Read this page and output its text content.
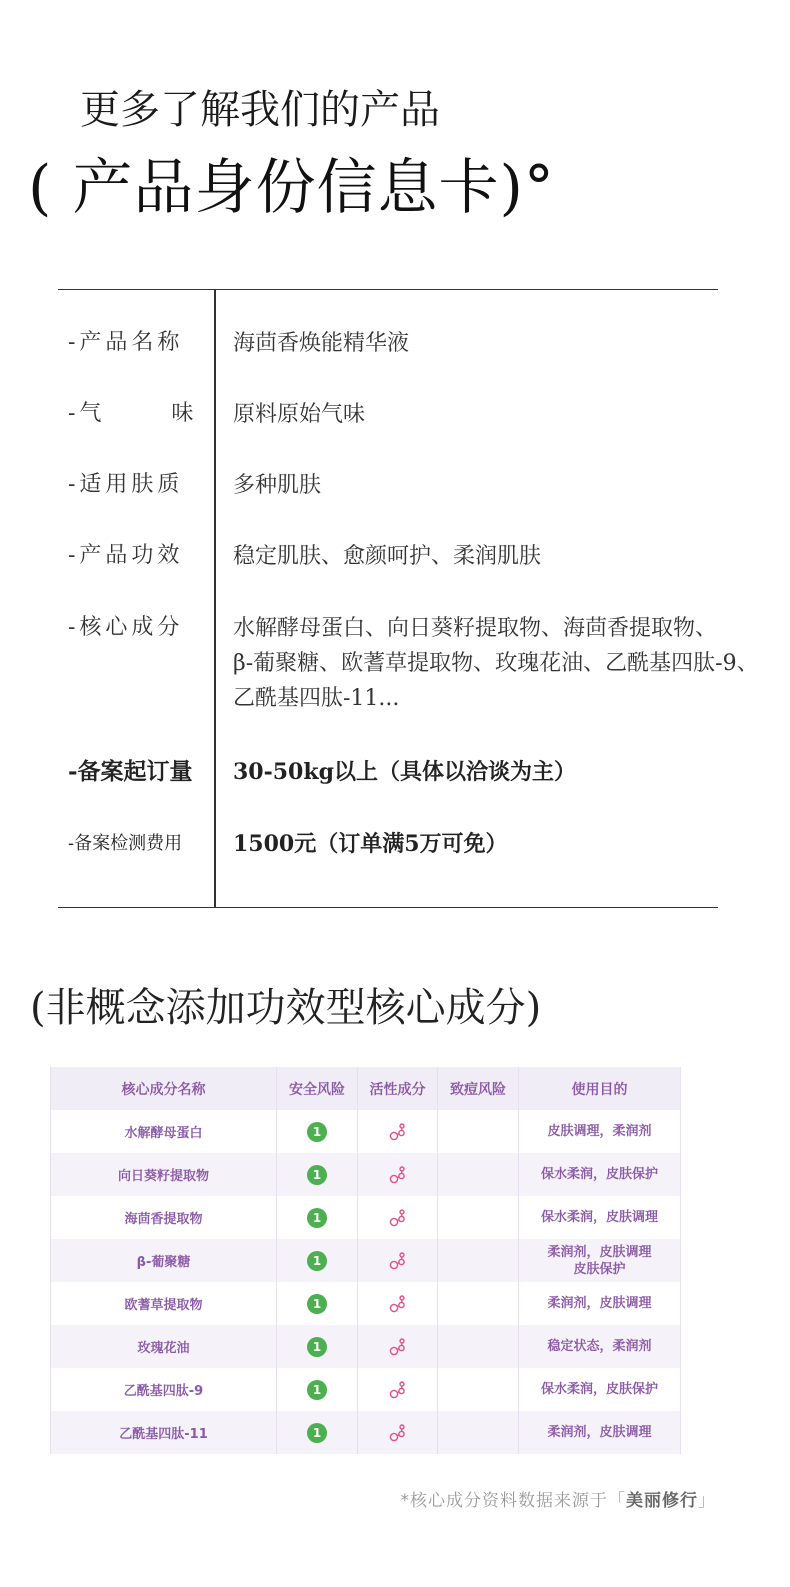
更多了解我们的产品
( 产品身份信息卡)°
-产品名称	海茴香焕能精华液
-气      味 原料原始气味
-适用肤质	多种肌肤
-产品功效	稳定肌肤、愈颜呵护、柔润肌肤
-核心成分	水解酵母蛋白、向日葵籽提取物、海茴香提取物、
β-葡聚糖、欧蓍草提取物、玫瑰花油、乙酰基四肽-9、
乙酰基四肽-11...
-备案起订量 30-50kg以上（具体以洽谈为主）
-备案检测费用	1500元（订单满5万可免）
(非概念添加功效型核心成分)
核心成分名称	安全风险	活性成分	致痘风险	使用目的
水解酵母蛋白	1			皮肤调理，柔润剂

向日葵籽提取物	1			保水柔润，皮肤保护

海茴香提取物	1			保水柔润，皮肤调理

β-葡聚糖	1			柔润剂，皮肤调理
皮肤保护

欧蓍草提取物	1			柔润剂，皮肤调理

玫瑰花油	1			稳定状态，柔润剂

乙酰基四肽-9	1			保水柔润，皮肤保护

乙酰基四肽-11	1			柔润剂，皮肤调理
*核心成分资料数据来源于「美丽修行」
